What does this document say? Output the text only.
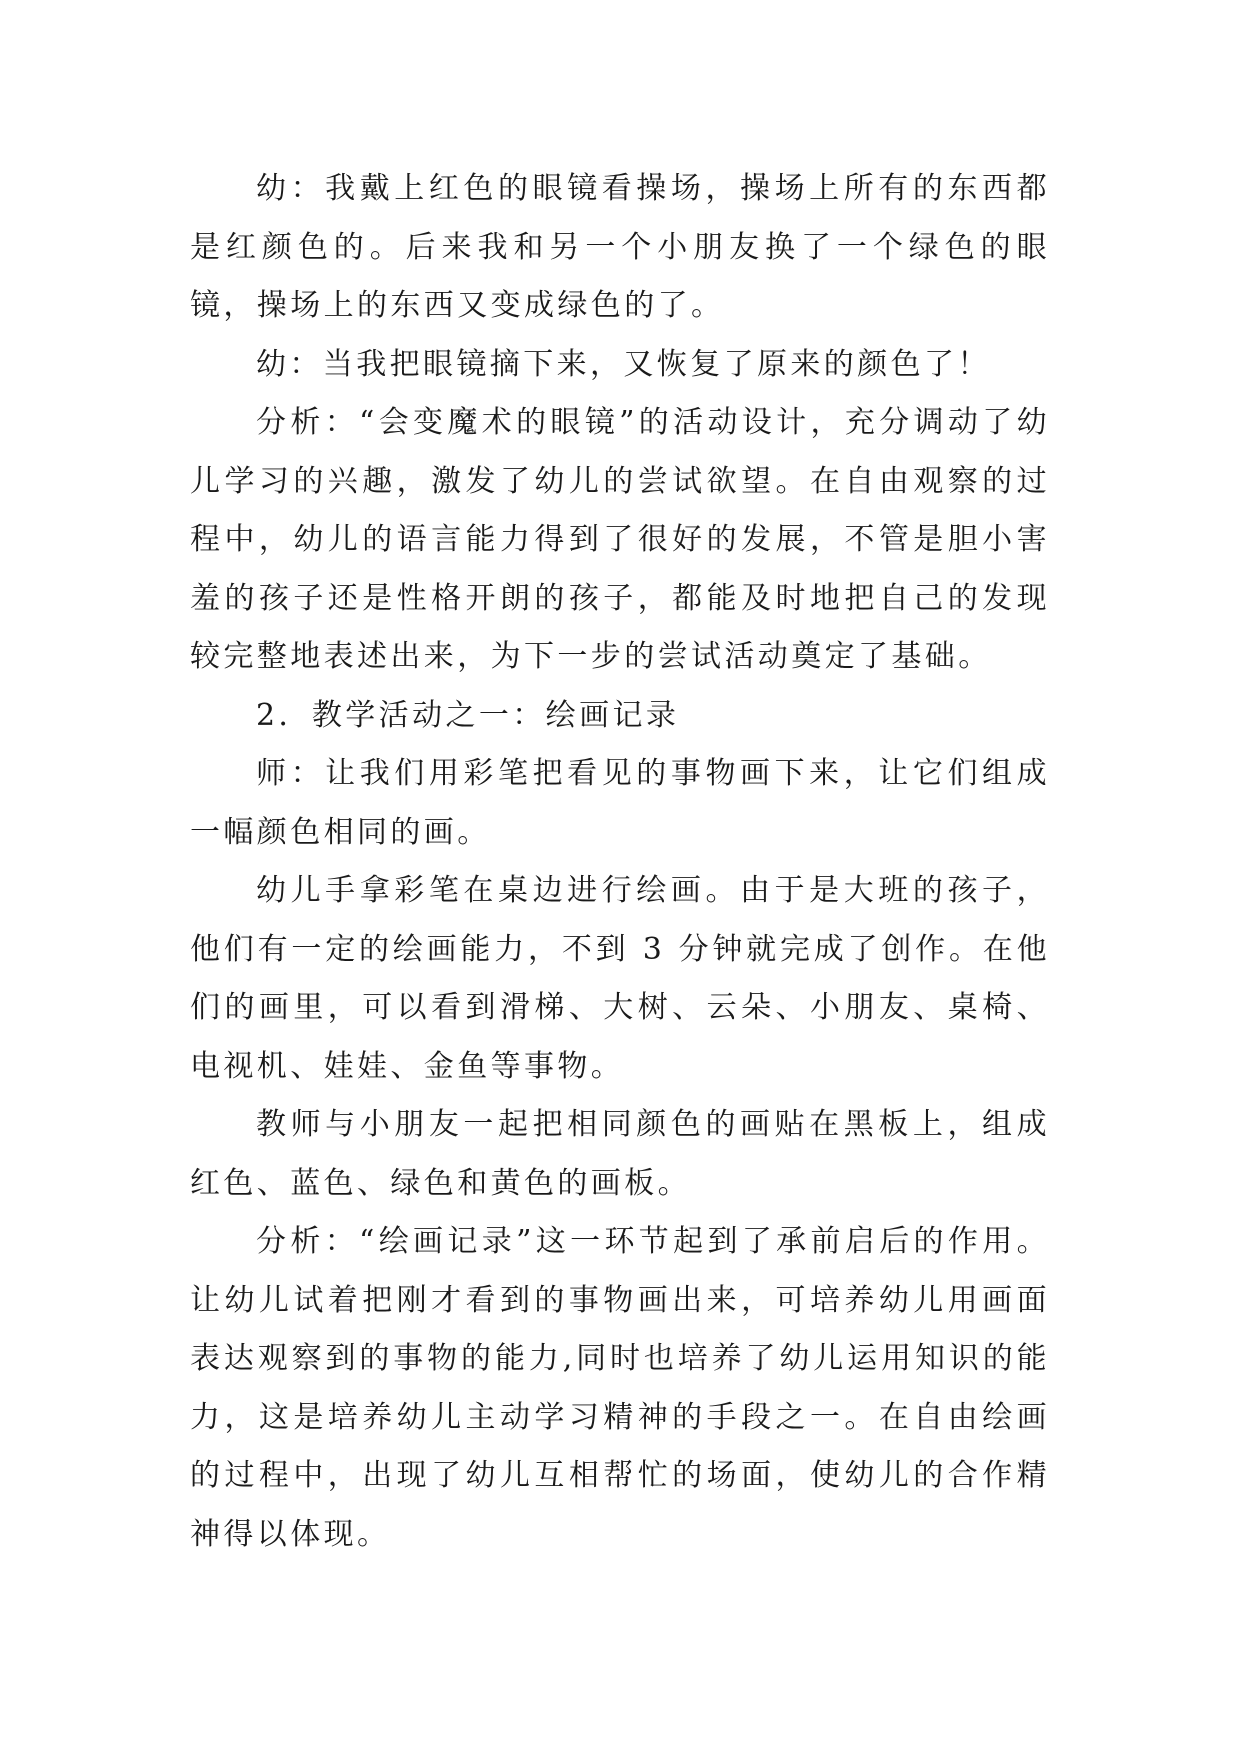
幼：我戴上红色的眼镜看操场，操场上所有的东西都是红颜色的。后来我和另一个小朋友换了一个绿色的眼镜，操场上的东西又变成绿色的了。

幼：当我把眼镜摘下来，又恢复了原来的颜色了！

分析：“会变魔术的眼镜”的活动设计，充分调动了幼儿学习的兴趣，激发了幼儿的尝试欲望。在自由观察的过程中，幼儿的语言能力得到了很好的发展，不管是胆小害羞的孩子还是性格开朗的孩子，都能及时地把自己的发现较完整地表述出来，为下一步的尝试活动奠定了基础。

2．教学活动之一：绘画记录

师：让我们用彩笔把看见的事物画下来，让它们组成一幅颜色相同的画。

幼儿手拿彩笔在桌边进行绘画。由于是大班的孩子，他们有一定的绘画能力，不到 3 分钟就完成了创作。在他们的画里，可以看到滑梯、大树、云朵、小朋友、桌椅、电视机、娃娃、金鱼等事物。

教师与小朋友一起把相同颜色的画贴在黑板上，组成红色、蓝色、绿色和黄色的画板。

分析：“绘画记录”这一环节起到了承前启后的作用。让幼儿试着把刚才看到的事物画出来，可培养幼儿用画面表达观察到的事物的能力,同时也培养了幼儿运用知识的能力，这是培养幼儿主动学习精神的手段之一。在自由绘画的过程中，出现了幼儿互相帮忙的场面，使幼儿的合作精神得以体现。
